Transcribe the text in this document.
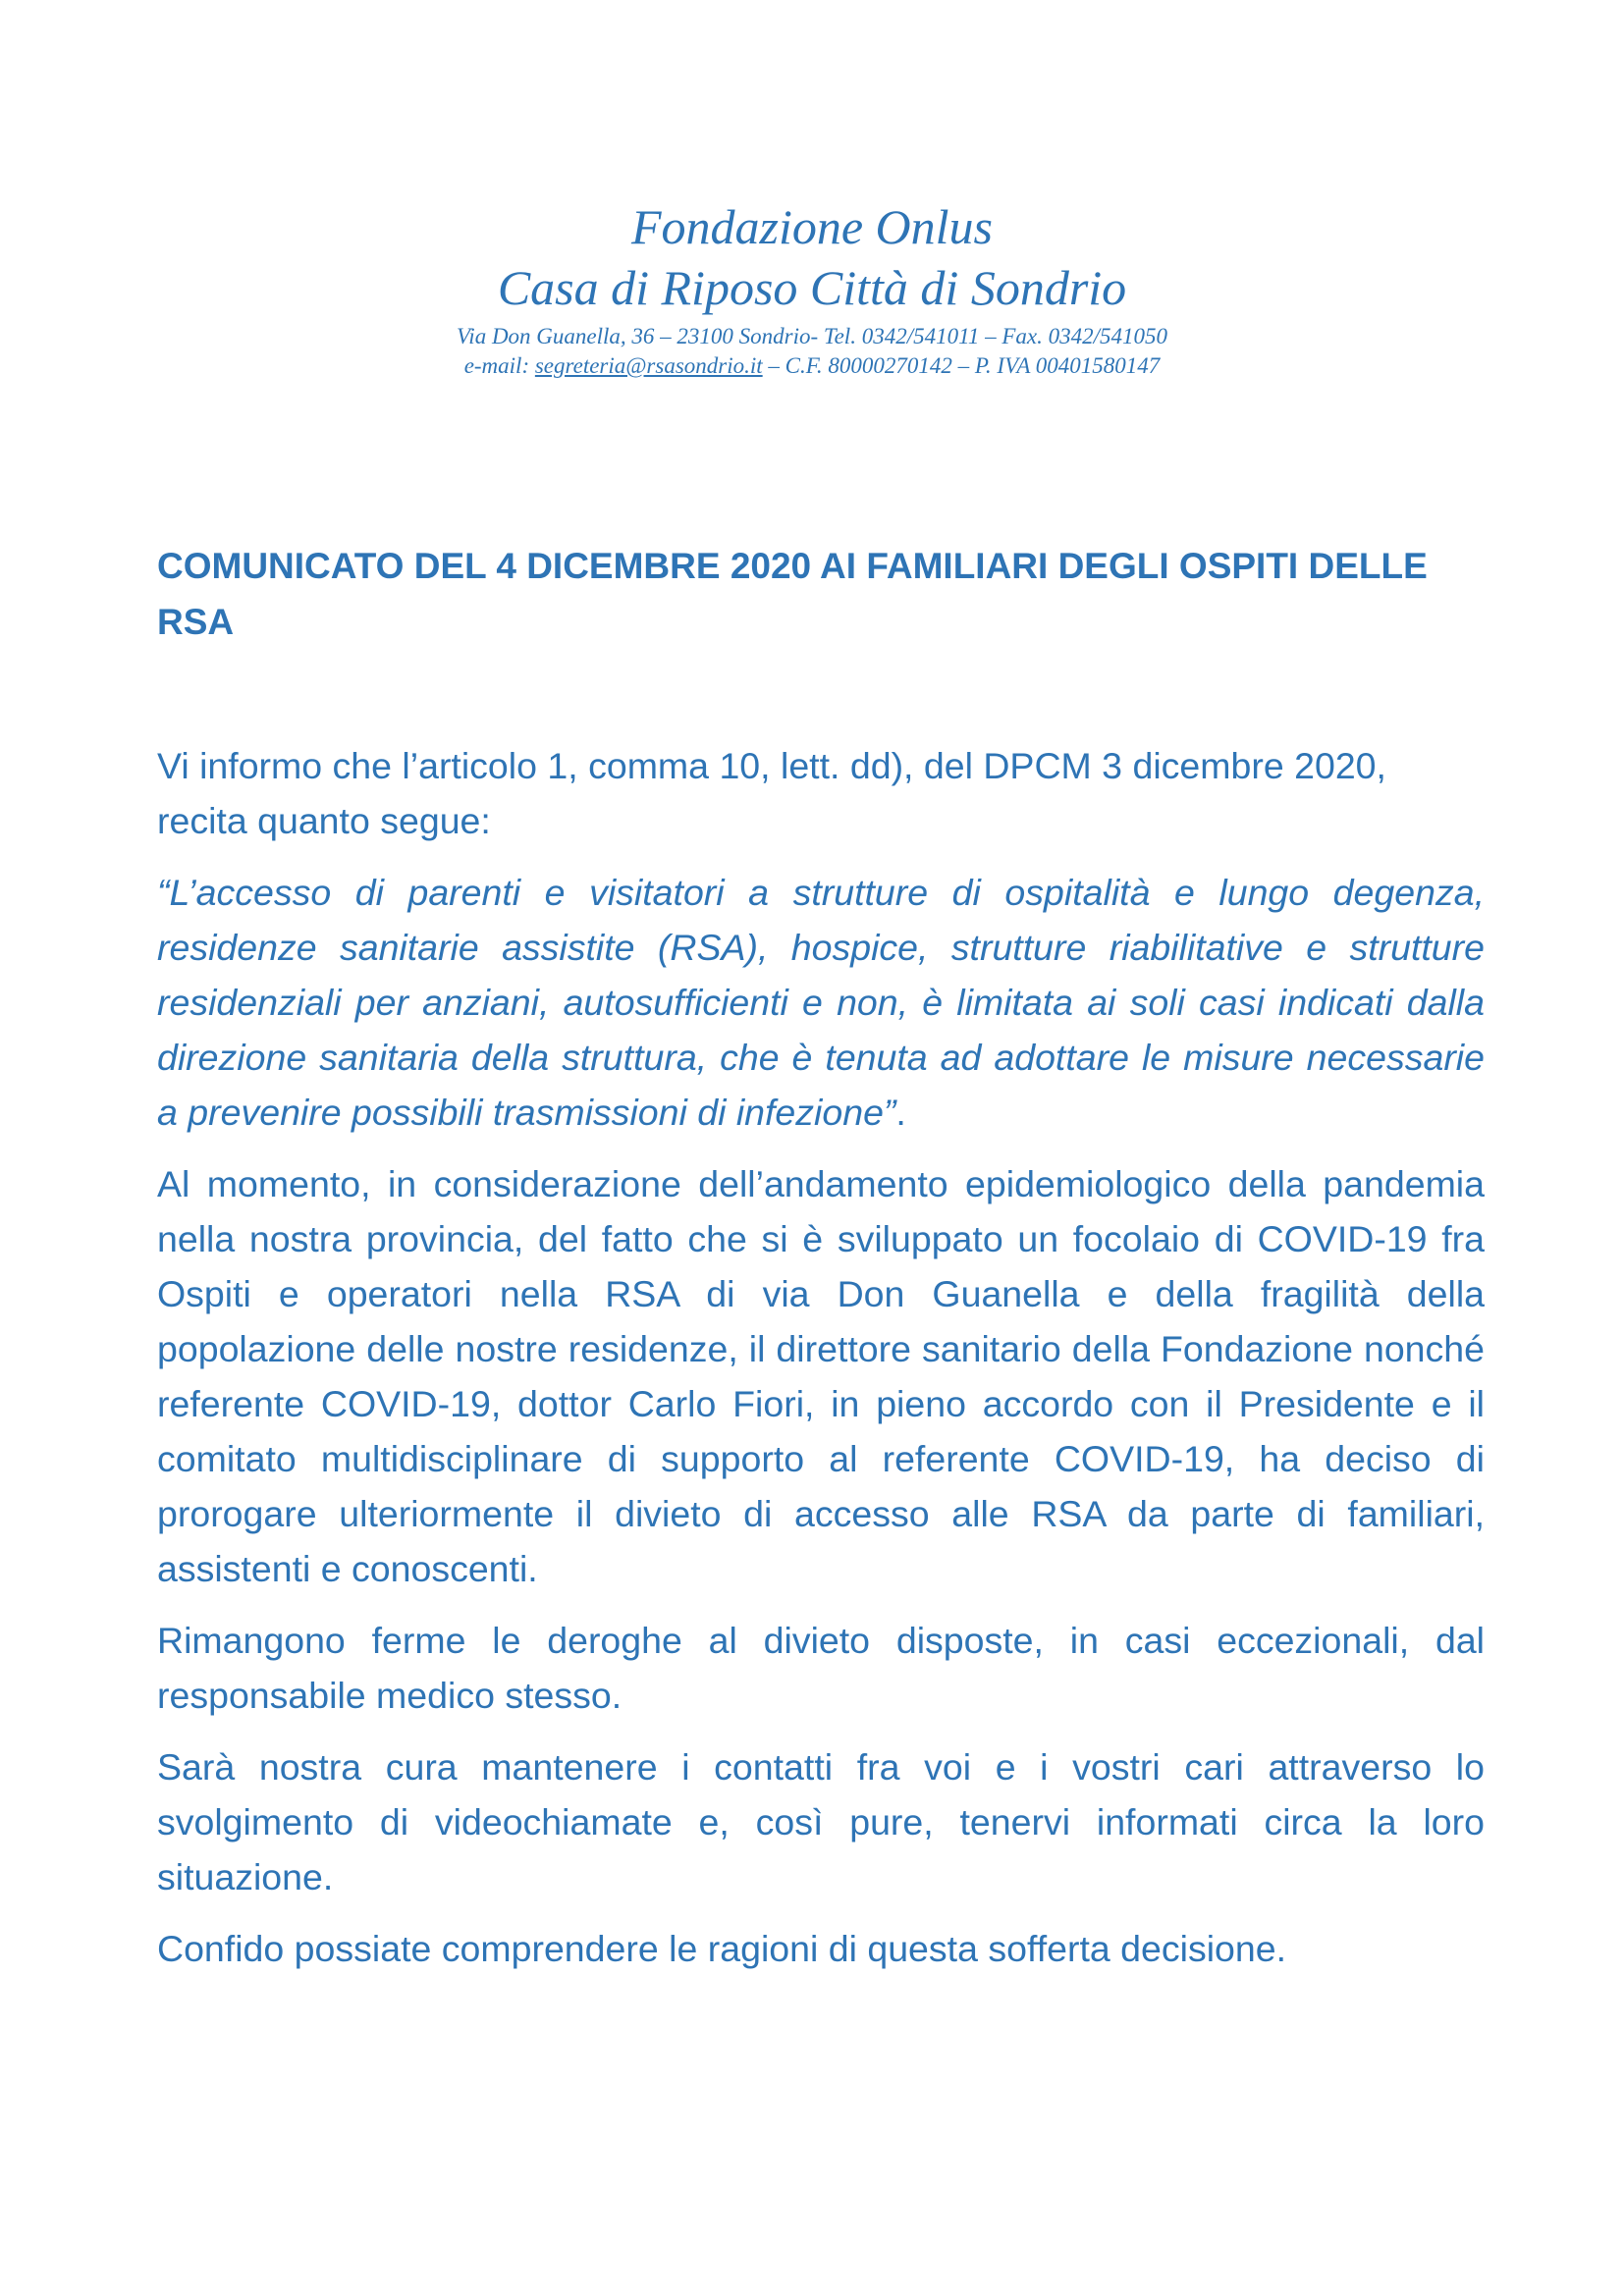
Fondazione Onlus

Casa di Riposo Città di Sondrio

Via Don Guanella, 36 – 23100 Sondrio- Tel. 0342/541011 – Fax. 0342/541050

e-mail: segreteria@rsasondrio.it – C.F. 80000270142 – P. IVA 00401580147

COMUNICATO DEL 4 DICEMBRE 2020 AI FAMILIARI DEGLI OSPITI DELLE RSA

Vi informo che l’articolo 1, comma 10, lett. dd), del DPCM 3 dicembre 2020, recita quanto segue:

“L’accesso di parenti e visitatori a strutture di ospitalità e lungo degenza, residenze sanitarie assistite (RSA), hospice, strutture riabilitative e strutture residenziali per anziani, autosufficienti e non, è limitata ai soli casi indicati dalla direzione sanitaria della struttura, che è tenuta ad adottare le misure necessarie a prevenire possibili trasmissioni di infezione”.

Al momento, in considerazione dell’andamento epidemiologico della pandemia nella nostra provincia, del fatto che si è sviluppato un focolaio di COVID-19 fra Ospiti e operatori nella RSA di via Don Guanella e della fragilità della popolazione delle nostre residenze, il direttore sanitario della Fondazione nonché referente COVID-19, dottor Carlo Fiori, in pieno accordo con il Presidente e il comitato multidisciplinare di supporto al referente COVID-19, ha deciso di prorogare ulteriormente il divieto di accesso alle RSA da parte di familiari, assistenti e conoscenti.

Rimangono ferme le deroghe al divieto disposte, in casi eccezionali, dal responsabile medico stesso.

Sarà nostra cura mantenere i contatti fra voi e i vostri cari attraverso lo svolgimento di videochiamate e, così pure, tenervi informati circa la loro situazione.

Confido possiate comprendere le ragioni di questa sofferta decisione.
